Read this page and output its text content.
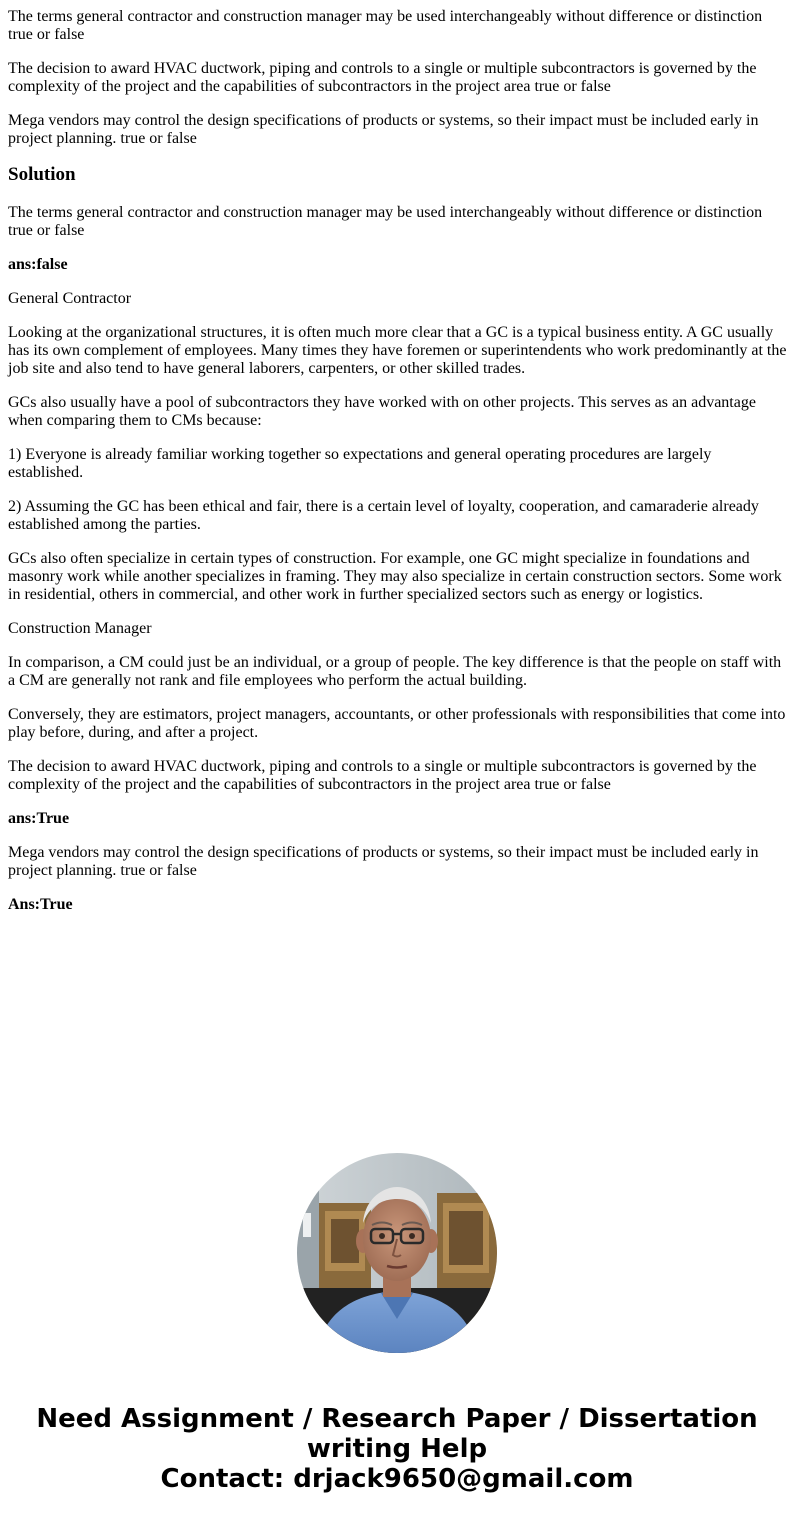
The terms general contractor and construction manager may be used interchangeably without difference or distinction true or false

The decision to award HVAC ductwork, piping and controls to a single or multiple subcontractors is governed by the complexity of the project and the capabilities of subcontractors in the project area true or false

Mega vendors may control the design specifications of products or systems, so their impact must be included early in project planning. true or false

Solution

The terms general contractor and construction manager may be used interchangeably without difference or distinction true or false

ans:false

General Contractor

Looking at the organizational structures, it is often much more clear that a GC is a typical business entity. A GC usually has its own complement of employees. Many times they have foremen or superintendents who work predominantly at the job site and also tend to have general laborers, carpenters, or other skilled trades.

GCs also usually have a pool of subcontractors they have worked with on other projects. This serves as an advantage when comparing them to CMs because:

1) Everyone is already familiar working together so expectations and general operating procedures are largely established.

2) Assuming the GC has been ethical and fair, there is a certain level of loyalty, cooperation, and camaraderie already established among the parties.

GCs also often specialize in certain types of construction. For example, one GC might specialize in foundations and masonry work while another specializes in framing. They may also specialize in certain construction sectors. Some work in residential, others in commercial, and other work in further specialized sectors such as energy or logistics.

Construction Manager

In comparison, a CM could just be an individual, or a group of people. The key difference is that the people on staff with a CM are generally not rank and file employees who perform the actual building.

Conversely, they are estimators, project managers, accountants, or other professionals with responsibilities that come into play before, during, and after a project.

The decision to award HVAC ductwork, piping and controls to a single or multiple subcontractors is governed by the complexity of the project and the capabilities of subcontractors in the project area true or false

ans:True

Mega vendors may control the design specifications of products or systems, so their impact must be included early in project planning. true or false

Ans:True

Need Assignment / Research Paper / Dissertation
writing Help
Contact: drjack9650@gmail.com
